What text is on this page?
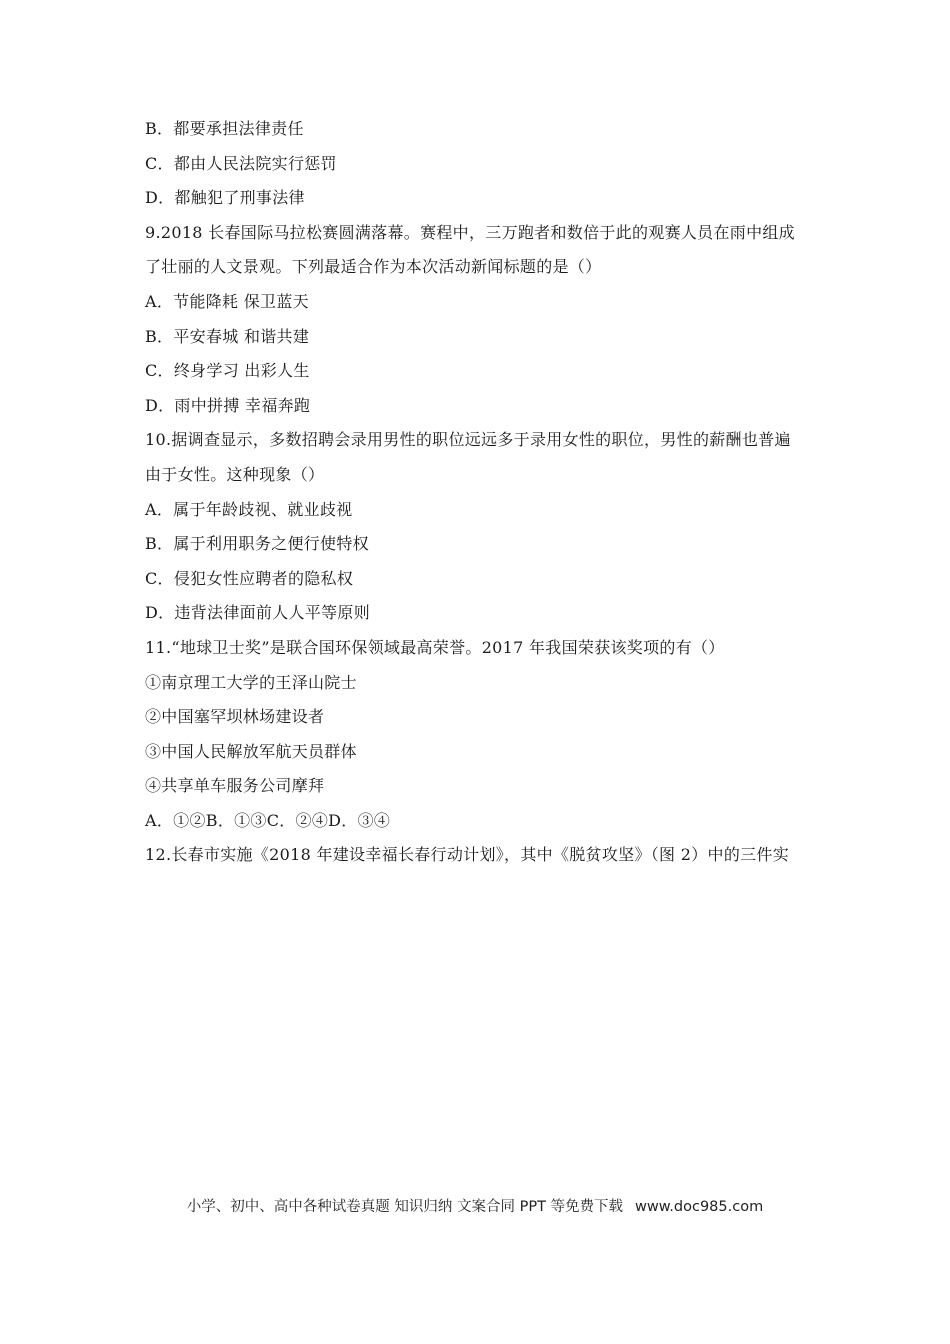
B．都要承担法律责任
C．都由人民法院实行惩罚
D．都触犯了刑事法律
9.2018 长春国际马拉松赛圆满落幕。赛程中，三万跑者和数倍于此的观赛人员在雨中组成
了壮丽的人文景观。下列最适合作为本次活动新闻标题的是（）
A．节能降耗 保卫蓝天
B．平安春城 和谐共建
C．终身学习 出彩人生
D．雨中拼搏 幸福奔跑
10.据调查显示，多数招聘会录用男性的职位远远多于录用女性的职位，男性的薪酬也普遍
由于女性。这种现象（）
A．属于年龄歧视、就业歧视
B．属于利用职务之便行使特权
C．侵犯女性应聘者的隐私权
D．违背法律面前人人平等原则
11.“地球卫士奖”是联合国环保领域最高荣誉。2017 年我国荣获该奖项的有（）
①南京理工大学的王泽山院士
②中国塞罕坝林场建设者
③中国人民解放军航天员群体
④共享单车服务公司摩拜
A．①②B．①③C．②④D．③④
12.长春市实施《2018 年建设幸福长春行动计划》，其中《脱贫攻坚》（图 2）中的三件实
小学、初中、高中各种试卷真题 知识归纳 文案合同 PPT 等免费下载 www.doc985.com
